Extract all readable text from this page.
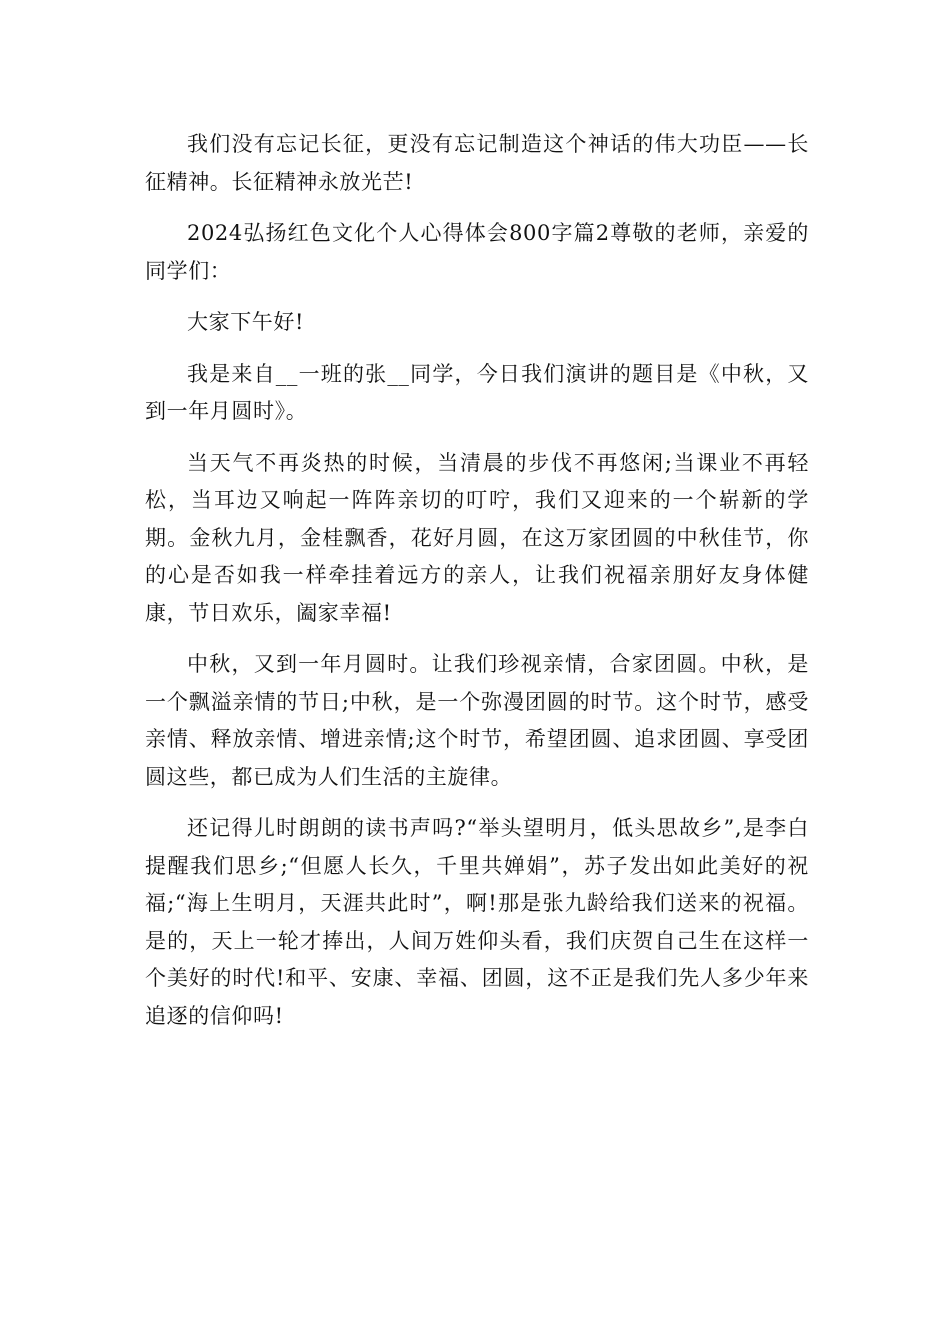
我们没有忘记长征，更没有忘记制造这个神话的伟大功臣——长征精神。长征精神永放光芒!

2024弘扬红色文化个人心得体会800字篇2尊敬的老师，亲爱的同学们：

大家下午好!

我是来自__一班的张__同学，今日我们演讲的题目是《中秋，又到一年月圆时》。

当天气不再炎热的时候，当清晨的步伐不再悠闲;当课业不再轻松，当耳边又响起一阵阵亲切的叮咛，我们又迎来的一个崭新的学期。金秋九月，金桂飘香，花好月圆，在这万家团圆的中秋佳节，你的心是否如我一样牵挂着远方的亲人，让我们祝福亲朋好友身体健康，节日欢乐，阖家幸福!

中秋，又到一年月圆时。让我们珍视亲情，合家团圆。中秋，是一个飘溢亲情的节日;中秋，是一个弥漫团圆的时节。这个时节，感受亲情、释放亲情、增进亲情;这个时节，希望团圆、追求团圆、享受团圆这些，都已成为人们生活的主旋律。

还记得儿时朗朗的读书声吗?“举头望明月，低头思故乡”,是李白提醒我们思乡;“但愿人长久，千里共婵娟”，苏子发出如此美好的祝福;“海上生明月，天涯共此时”，啊!那是张九龄给我们送来的祝福。是的，天上一轮才捧出，人间万姓仰头看，我们庆贺自己生在这样一个美好的时代!和平、安康、幸福、团圆，这不正是我们先人多少年来追逐的信仰吗!
